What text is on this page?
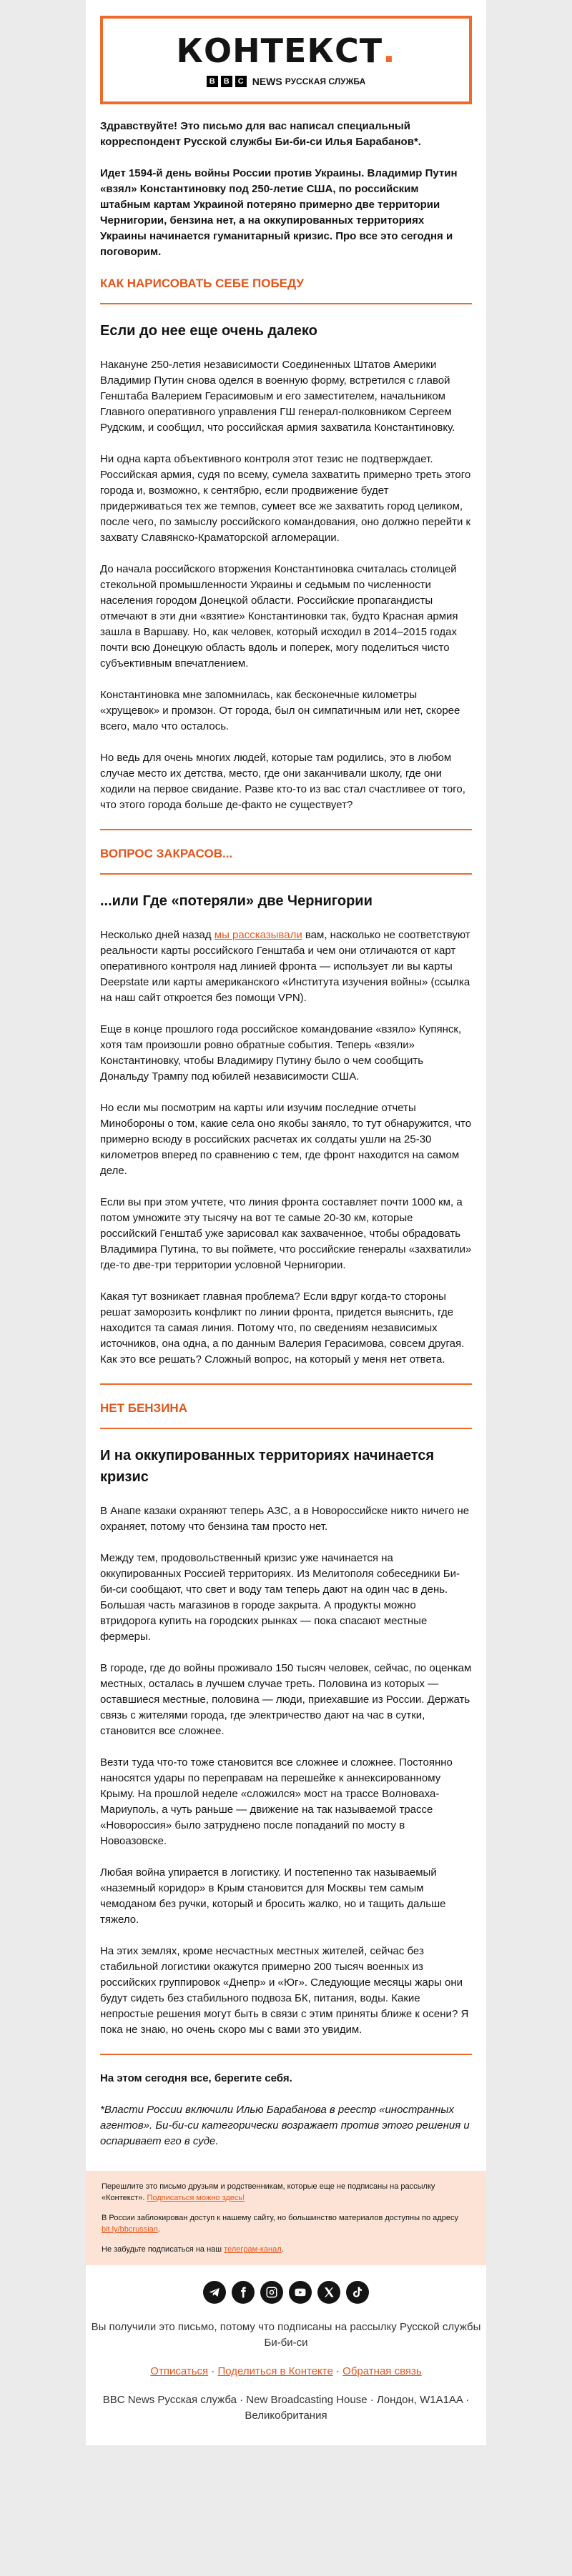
КОНТЕКСТ.
B	B	C NEWS РУССКАЯ СЛУЖБА

Здравствуйте! Это письмо для вас написал специальный корреспондент Русской службы Би-би-си Илья Барабанов*.

Идет 1594-й день войны России против Украины. Владимир Путин «взял» Константиновку под 250-летие США, по российским штабным картам Украиной потеряно примерно две территории Чернигории, бензина нет, а на оккупированных территориях Украины начинается гуманитарный кризис. Про все это сегодня и поговорим.

КАК НАРИСОВАТЬ СЕБЕ ПОБЕДУ
Если до нее еще очень далеко

Накануне 250-летия независимости Соединенных Штатов Америки Владимир Путин снова оделся в военную форму, встретился с главой Генштаба Валерием Герасимовым и его заместителем, начальником Главного оперативного управления ГШ генерал-полковником Сергеем Рудским, и сообщил, что российская армия захватила Константиновку.

Ни одна карта объективного контроля этот тезис не подтверждает. Российская армия, судя по всему, сумела захватить примерно треть этого города и, возможно, к сентябрю, если продвижение будет придерживаться тех же темпов, сумеет все же захватить город целиком, после чего, по замыслу российского командования, оно должно перейти к захвату Славянско-Краматорской агломерации.

До начала российского вторжения Константиновка считалась столицей стекольной промышленности Украины и седьмым по численности населения городом Донецкой области. Российские пропагандисты отмечают в эти дни «взятие» Константиновки так, будто Красная армия зашла в Варшаву. Но, как человек, который исходил в 2014–2015 годах почти всю Донецкую область вдоль и поперек, могу поделиться чисто субъективным впечатлением.

Константиновка мне запомнилась, как бесконечные километры «хрущевок» и промзон. От города, был он симпатичным или нет, скорее всего, мало что осталось.

Но ведь для очень многих людей, которые там родились, это в любом случае место их детства, место, где они заканчивали школу, где они ходили на первое свидание. Разве кто-то из вас стал счастливее от того, что этого города больше де-факто не существует?

ВОПРОС ЗАКРАСОВ...
...или Где «потеряли» две Чернигории

Несколько дней назад мы рассказывали вам, насколько не соответствуют реальности карты российского Генштаба и чем они отличаются от карт оперативного контроля над линией фронта — использует ли вы карты Deepstate или карты американского «Института изучения войны» (ссылка на наш сайт откроется без помощи VPN).

Еще в конце прошлого года российское командование «взяло» Купянск, хотя там произошли ровно обратные события. Теперь «взяли» Константиновку, чтобы Владимиру Путину было о чем сообщить Дональду Трампу под юбилей независимости США.

Но если мы посмотрим на карты или изучим последние отчеты Минобороны о том, какие села оно якобы заняло, то тут обнаружится, что примерно всюду в российских расчетах их солдаты ушли на 25-30 километров вперед по сравнению с тем, где фронт находится на самом деле.

Если вы при этом учтете, что линия фронта составляет почти 1000 км, а потом умножите эту тысячу на вот те самые 20-30 км, которые российский Генштаб уже зарисовал как захваченное, чтобы обрадовать Владимира Путина, то вы поймете, что российские генералы «захватили» где-то две-три территории условной Чернигории.

Какая тут возникает главная проблема? Если вдруг когда-то стороны решат заморозить конфликт по линии фронта, придется выяснить, где находится та самая линия. Потому что, по сведениям независимых источников, она одна, а по данным Валерия Герасимова, совсем другая. Как это все решать? Сложный вопрос, на который у меня нет ответа.

НЕТ БЕНЗИНА
И на оккупированных территориях начинается кризис

В Анапе казаки охраняют теперь АЗС, а в Новороссийске никто ничего не охраняет, потому что бензина там просто нет.

Между тем, продовольственный кризис уже начинается на оккупированных Россией территориях. Из Мелитополя собеседники Би-би-си сообщают, что свет и воду там теперь дают на один час в день. Большая часть магазинов в городе закрыта. А продукты можно втридорога купить на городских рынках — пока спасают местные фермеры.

В городе, где до войны проживало 150 тысяч человек, сейчас, по оценкам местных, осталась в лучшем случае треть. Половина из которых — оставшиеся местные, половина — люди, приехавшие из России. Держать связь с жителями города, где электричество дают на час в сутки, становится все сложнее.

Везти туда что-то тоже становится все сложнее и сложнее. Постоянно наносятся удары по переправам на перешейке к аннексированному Крыму. На прошлой неделе «сложился» мост на трассе Волноваха-Мариуполь, а чуть раньше — движение на так называемой трассе «Новороссия» было затруднено после попаданий по мосту в Новоазовске.

Любая война упирается в логистику. И постепенно так называемый «наземный коридор» в Крым становится для Москвы тем самым чемоданом без ручки, который и бросить жалко, но и тащить дальше тяжело.

На этих землях, кроме несчастных местных жителей, сейчас без стабильной логистики окажутся примерно 200 тысяч военных из российских группировок «Днепр» и «Юг». Следующие месяцы жары они будут сидеть без стабильного подвоза БК, питания, воды. Какие непростые решения могут быть в связи с этим приняты ближе к осени? Я пока не знаю, но очень скоро мы с вами это увидим.

На этом сегодня все, берегите себя.

*Власти России включили Илью Барабанова в реестр «иностранных агентов». Би-би-си категорически возражает против этого решения и оспаривает его в суде.

Перешлите это письмо друзьям и родственникам, которые еще не подписаны на рассылку «Контекст». Подписаться можно здесь!

В России заблокирован доступ к нашему сайту, но большинство материалов доступны по адресу bit.ly/bbcrussian.

Не забудьте подписаться на наш телеграм-канал.

Вы получили это письмо, потому что подписаны на рассылку Русской службы Би-би-си

Отписаться · Поделиться в Контекте · Обратная связь

BBC News Русская служба · New Broadcasting House · Лондон, W1A1AA · Великобритания
